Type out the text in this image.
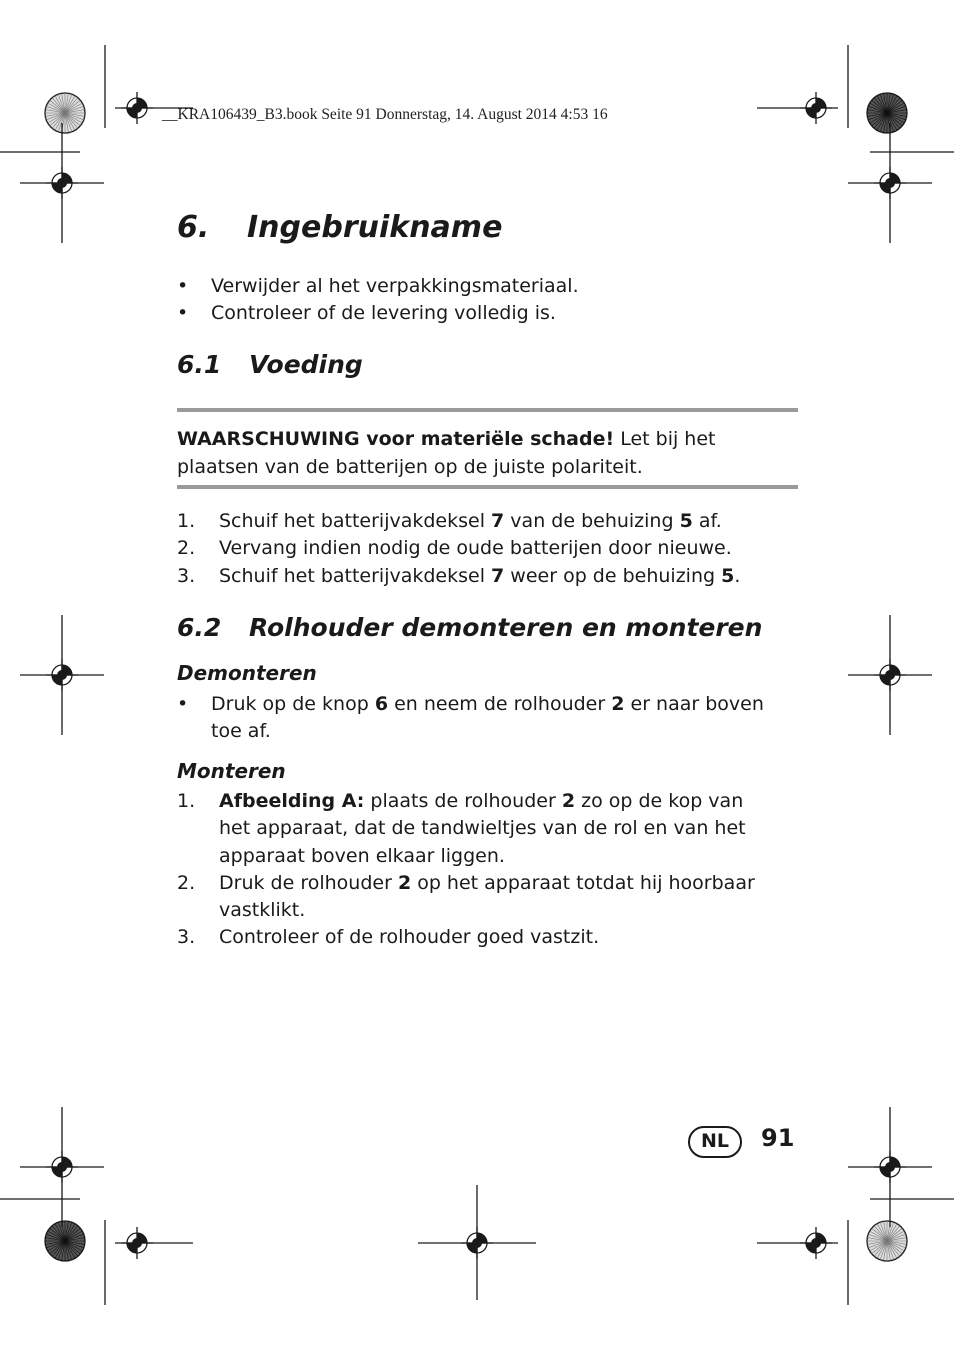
__KRA106439_B3.book Seite 91 Donnerstag, 14. August 2014 4:53 16
6. Ingebruikname
• Verwijder al het verpakkingsmateriaal.
• Controleer of de levering volledig is.
6.1 Voeding
WAARSCHUWING voor materiële schade! Let bij het
plaatsen van de batterijen op de juiste polariteit.
1. Schuif het batterijvakdeksel 7 van de behuizing 5 af.
2. Vervang indien nodig de oude batterijen door nieuwe.
3. Schuif het batterijvakdeksel 7 weer op de behuizing 5.
6.2 Rolhouder demonteren en monteren
Demonteren
• Druk op de knop 6 en neem de rolhouder 2 er naar boven
toe af.
Monteren
1. Afbeelding A: plaats de rolhouder 2 zo op de kop van
het apparaat, dat de tandwieltjes van de rol en van het
apparaat boven elkaar liggen.
2. Druk de rolhouder 2 op het apparaat totdat hij hoorbaar
vastklikt.
3. Controleer of de rolhouder goed vastzit.
NL	91
